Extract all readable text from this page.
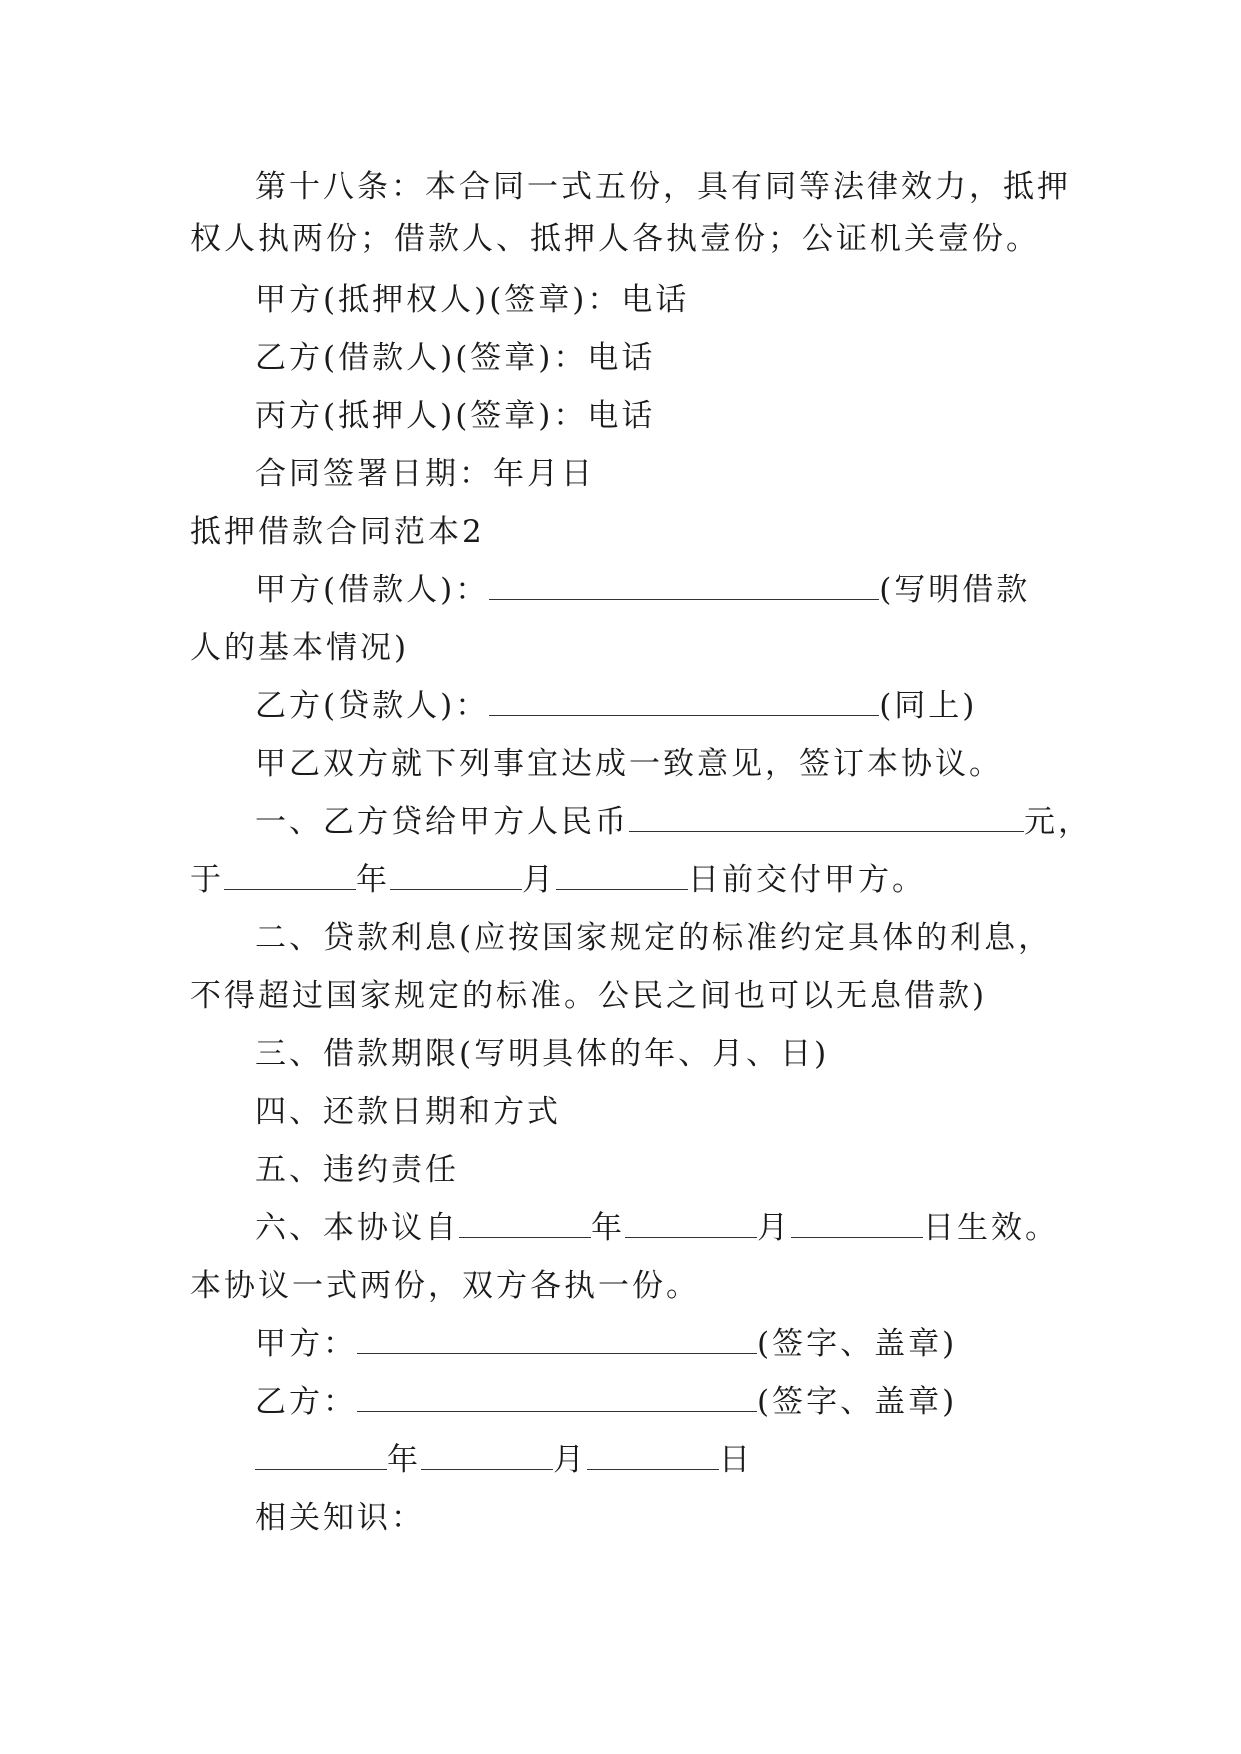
第十八条：本合同一式五份，具有同等法律效力，抵押
权人执两份；借款人、抵押人各执壹份；公证机关壹份。
甲方(抵押权人)(签章)：电话
乙方(借款人)(签章)：电话
丙方(抵押人)(签章)：电话
合同签署日期：年月日
抵押借款合同范本2
甲方(借款人)：	(写明借款
人的基本情况)
乙方(贷款人)：	(同上)
甲乙双方就下列事宜达成一致意见，签订本协议。
一、乙方贷给甲方人民币	元，
于	年	月	日前交付甲方。
二、贷款利息(应按国家规定的标准约定具体的利息，
不得超过国家规定的标准。公民之间也可以无息借款)
三、借款期限(写明具体的年、月、日)
四、还款日期和方式
五、违约责任
六、本协议自	年	月	日生效。
本协议一式两份，双方各执一份。
甲方：	(签字、盖章)
乙方：	(签字、盖章)
年	月	日
相关知识：
